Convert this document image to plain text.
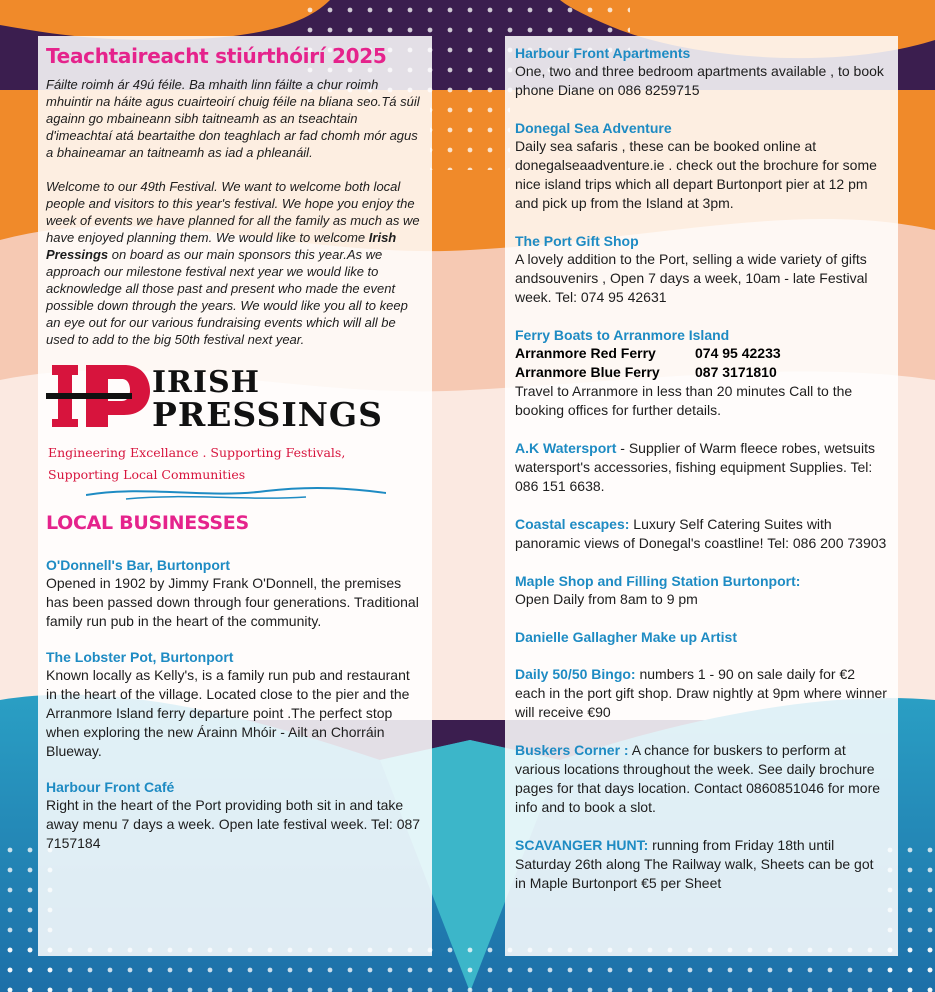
Teachtaireacht stiúrthóirí 2025
Fáilte roimh ár 49ú féile. Ba mhaith linn fáilte a chur roimh mhuintir na háite agus cuairteoirí chuig féile na bliana seo.Tá súil againn go mbaineann sibh taitneamh as an tseachtain d'imeachtaí atá beartaithe don teaghlach ar fad chomh mór agus a bhaineamar an taitneamh as iad a phleanáil.
Welcome to our 49th Festival. We want to welcome both local people and visitors to this year's festival. We hope you enjoy the week of events we have planned for all the family as much as we have enjoyed planning them. We would like to welcome Irish Pressings on board as our main sponsors this year.As we approach our milestone festival next year we would like to acknowledge all those past and present who made the event possible down through the years. We would like you all to keep an eye out for our various fundraising events which will all be used to add to the big 50th festival next year.
IRISH
PRESSINGS
Engineering Excellance . Supporting Festivals,
Supporting Local Communities
LOCAL BUSINESSES
O'Donnell's Bar, Burtonport
Opened in 1902 by Jimmy Frank O'Donnell, the premises has been passed down through four generations. Traditional family run pub in the heart of the community.
The Lobster Pot, Burtonport
Known locally as Kelly's, is a family run pub and restaurant in the heart of the village. Located close to the pier and the Arranmore Island ferry departure point .The perfect stop when exploring the new Árainn Mhóir - Ailt an Chorráin Blueway.
Harbour Front Café
Right in the heart of the Port providing both sit in and take away menu 7 days a week. Open late festival week. Tel: 087 7157184
Harbour Front Apartments
One, two and three bedroom apartments available , to book phone Diane on 086 8259715
Donegal Sea Adventure
Daily sea safaris , these can be booked online at donegalseaadventure.ie . check out the brochure for some nice island trips which all depart Burtonport pier at 12 pm and pick up from the Island at 3pm.
The Port Gift Shop
A lovely addition to the Port, selling a wide variety of gifts andsouvenirs , Open 7 days a week, 10am - late Festival week. Tel: 074 95 42631
Ferry Boats to Arranmore Island
Arranmore Red Ferry	074 95 42233
Arranmore Blue Ferry	087 3171810
Travel to Arranmore in less than 20 minutes Call to the booking offices for further details.
A.K Watersport - Supplier of Warm fleece robes, wetsuits watersport's accessories, fishing equipment Supplies. Tel: 086 151 6638.
Coastal escapes: Luxury Self Catering Suites with panoramic views of Donegal's coastline! Tel: 086 200 73903
Maple Shop and Filling Station Burtonport:
Open Daily from 8am to 9 pm
Danielle Gallagher Make up Artist
Daily 50/50 Bingo: numbers 1 - 90 on sale daily for €2 each in the port gift shop. Draw nightly at 9pm where winner will receive €90
Buskers Corner : A chance for buskers to perform at various locations throughout the week. See daily brochure pages for that days location. Contact 0860851046 for more info and to book a slot.
SCAVANGER HUNT: running from Friday 18th until Saturday 26th along The Railway walk, Sheets can be got in Maple Burtonport €5 per Sheet
